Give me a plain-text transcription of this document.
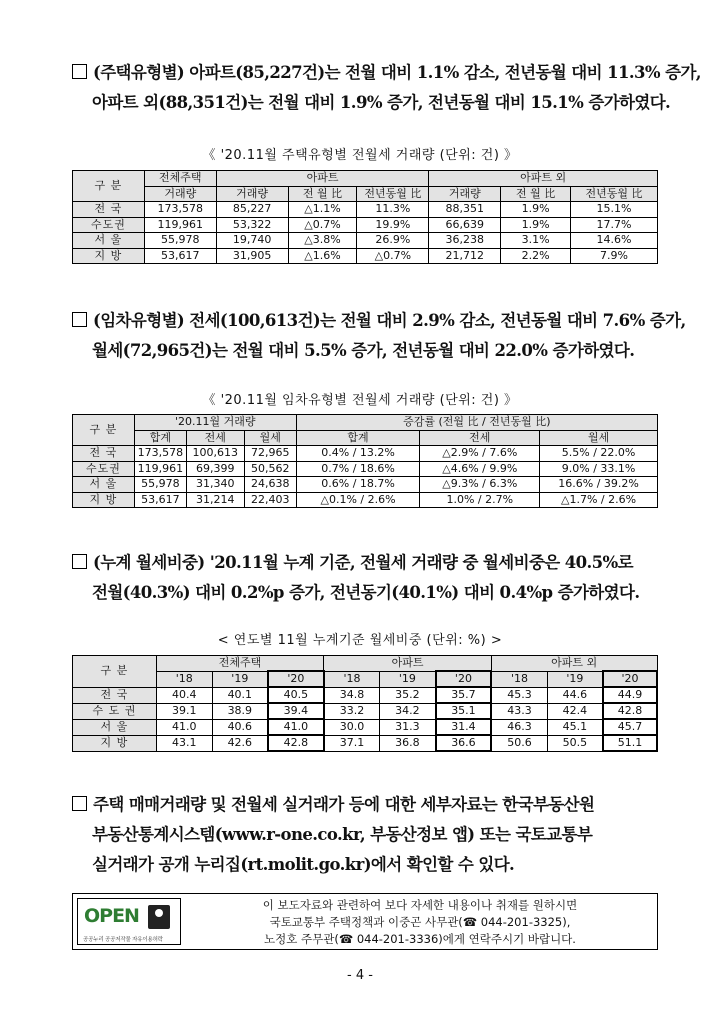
(주택유형별) 아파트(85,227건)는 전월 대비 1.1% 감소, 전년동월 대비 11.3% 증가,
아파트 외(88,351건)는 전월 대비 1.9% 증가, 전년동월 대비 15.1% 증가하였다.
《 '20.11월 주택유형별 전월세 거래량 (단위: 건) 》
구 분	전체주택	아파트			아파트 외		
	거래량	거래량	전 월 比	전년동월 比	거래량	전 월 比	전년동월 比
전 국	173,578	85,227	△1.1%	11.3%	88,351	1.9%	15.1%
수도권	119,961	53,322	△0.7%	19.9%	66,639	1.9%	17.7%
서 울	55,978	19,740	△3.8%	26.9%	36,238	3.1%	14.6%
지 방	53,617	31,905	△1.6%	△0.7%	21,712	2.2%	7.9%
(임차유형별) 전세(100,613건)는 전월 대비 2.9% 감소, 전년동월 대비 7.6% 증가,
월세(72,965건)는 전월 대비 5.5% 증가, 전년동월 대비 22.0% 증가하였다.
《 '20.11월 임차유형별 전월세 거래량 (단위: 건) 》
구 분	'20.11월 거래량			증감률 (전월 比 / 전년동월 比)		
	합계	전세	월세	합계	전세	월세
전 국	173,578	100,613	72,965	0.4% / 13.2%	△2.9% / 7.6%	5.5% / 22.0%
수도권	119,961	69,399	50,562	0.7% / 18.6%	△4.6% / 9.9%	9.0% / 33.1%
서 울	55,978	31,340	24,638	0.6% / 18.7%	△9.3% / 6.3%	16.6% / 39.2%
지 방	53,617	31,214	22,403	△0.1% / 2.6%	1.0% / 2.7%	△1.7% / 2.6%
(누계 월세비중) '20.11월 누계 기준, 전월세 거래량 중 월세비중은 40.5%로
전월(40.3%) 대비 0.2%p 증가, 전년동기(40.1%) 대비 0.4%p 증가하였다.
< 연도별 11월 누계기준 월세비중 (단위: %) >
구 분	전체주택			아파트			아파트 외		
	'18	'19	'20	'18	'19	'20	'18	'19	'20
전 국	40.4	40.1	40.5	34.8	35.2	35.7	45.3	44.6	44.9
수 도 권	39.1	38.9	39.4	33.2	34.2	35.1	43.3	42.4	42.8
서 울	41.0	40.6	41.0	30.0	31.3	31.4	46.3	45.1	45.7
지 방	43.1	42.6	42.8	37.1	36.8	36.6	50.6	50.5	51.1
주택 매매거래량 및 전월세 실거래가 등에 대한 세부자료는 한국부동산원
부동산통계시스템(www.r-one.co.kr, 부동산정보 앱) 또는 국토교통부
실거래가 공개 누리집(rt.molit.go.kr)에서 확인할 수 있다.
OPEN
공공누리 공공저작물 자유이용허락
이 보도자료와 관련하여 보다 자세한 내용이나 취재를 원하시면
국토교통부 주택정책과 이중곤 사무관(☎ 044-201-3325),
노정호 주무관(☎ 044-201-3336)에게 연락주시기 바랍니다.
- 4 -
